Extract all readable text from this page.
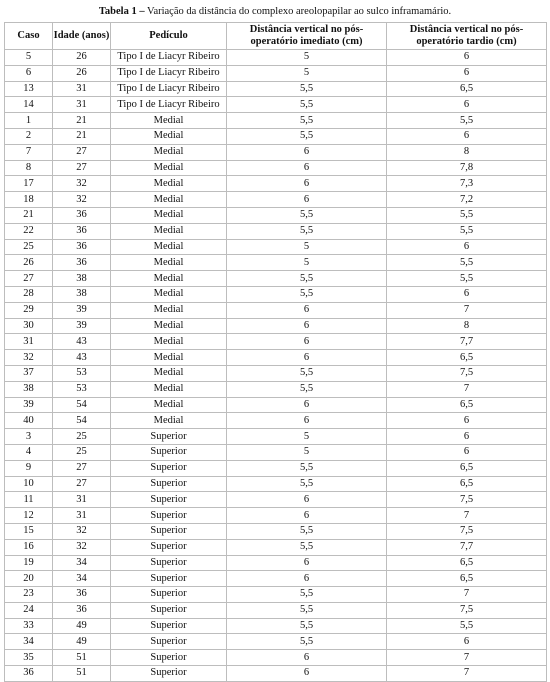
Tabela 1 – Variação da distância do complexo areolopapilar ao sulco inframamário.
Caso	Idade (anos)	Pedículo	Distância vertical no pós-operatório imediato (cm)	Distância vertical no pós-operatório tardio (cm)
5	26	Tipo I de Liacyr Ribeiro	5	6
6	26	Tipo I de Liacyr Ribeiro	5	6
13	31	Tipo I de Liacyr Ribeiro	5,5	6,5
14	31	Tipo I de Liacyr Ribeiro	5,5	6
1	21	Medial	5,5	5,5
2	21	Medial	5,5	6
7	27	Medial	6	8
8	27	Medial	6	7,8
17	32	Medial	6	7,3
18	32	Medial	6	7,2
21	36	Medial	5,5	5,5
22	36	Medial	5,5	5,5
25	36	Medial	5	6
26	36	Medial	5	5,5
27	38	Medial	5,5	5,5
28	38	Medial	5,5	6
29	39	Medial	6	7
30	39	Medial	6	8
31	43	Medial	6	7,7
32	43	Medial	6	6,5
37	53	Medial	5,5	7,5
38	53	Medial	5,5	7
39	54	Medial	6	6,5
40	54	Medial	6	6
3	25	Superior	5	6
4	25	Superior	5	6
9	27	Superior	5,5	6,5
10	27	Superior	5,5	6,5
11	31	Superior	6	7,5
12	31	Superior	6	7
15	32	Superior	5,5	7,5
16	32	Superior	5,5	7,7
19	34	Superior	6	6,5
20	34	Superior	6	6,5
23	36	Superior	5,5	7
24	36	Superior	5,5	7,5
33	49	Superior	5,5	5,5
34	49	Superior	5,5	6
35	51	Superior	6	7
36	51	Superior	6	7
